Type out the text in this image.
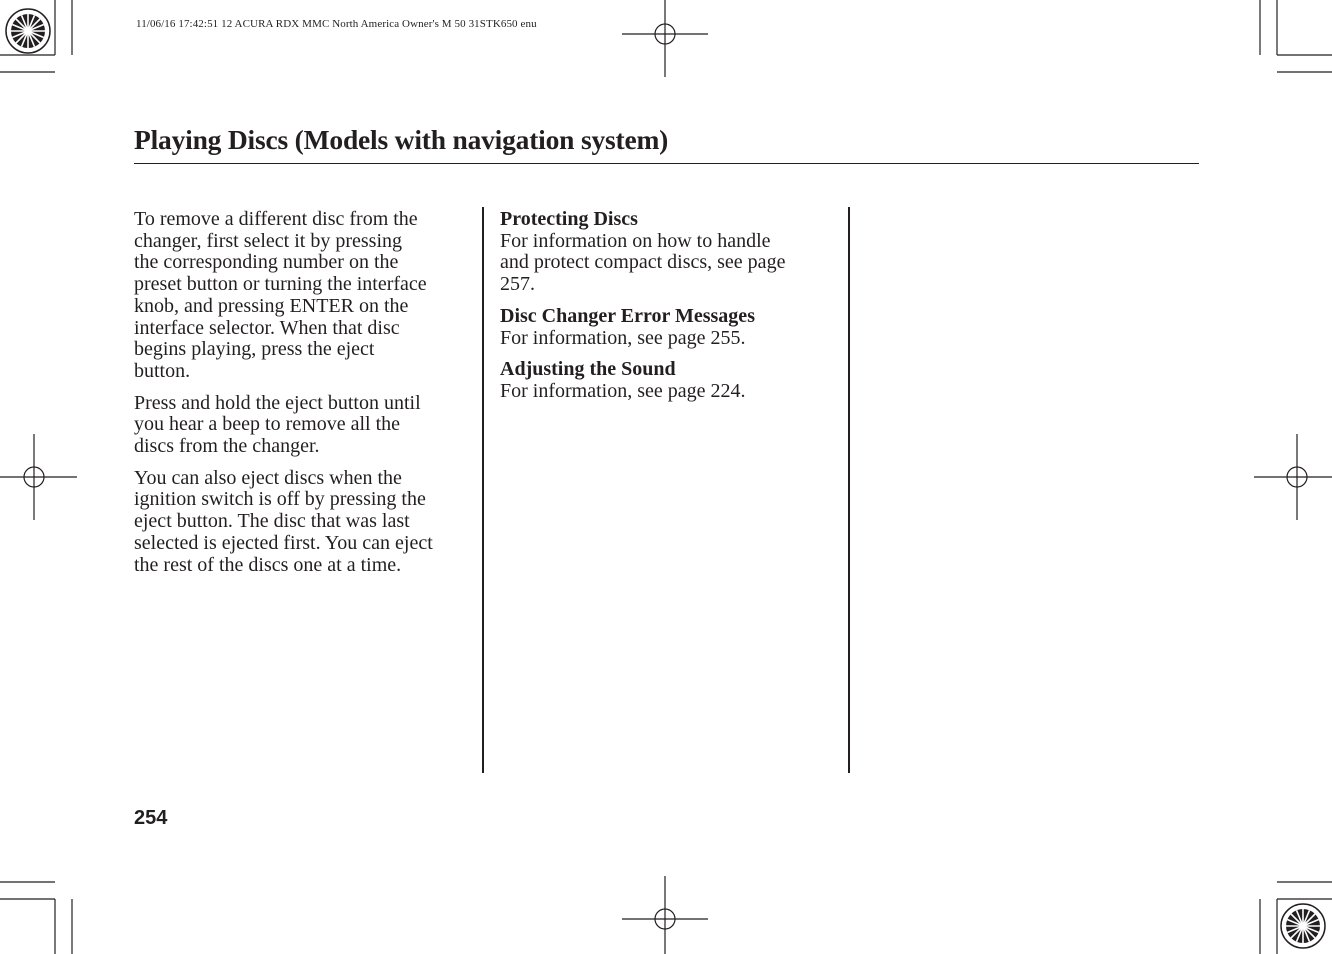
11/06/16 17:42:51 12 ACURA RDX MMC North America Owner's M 50 31STK650 enu
Playing Discs (Models with navigation system)

To remove a different disc from the
changer, first select it by pressing
the corresponding number on the
preset button or turning the interface
knob, and pressing ENTER on the
interface selector. When that disc
begins playing, press the eject
button.

Press and hold the eject button until
you hear a beep to remove all the
discs from the changer.

You can also eject discs when the
ignition switch is off by pressing the
eject button. The disc that was last
selected is ejected first. You can eject
the rest of the discs one at a time.

Protecting Discs

For information on how to handle
and protect compact discs, see page
257.

Disc Changer Error Messages

For information, see page 255.

Adjusting the Sound

For information, see page 224.

254
